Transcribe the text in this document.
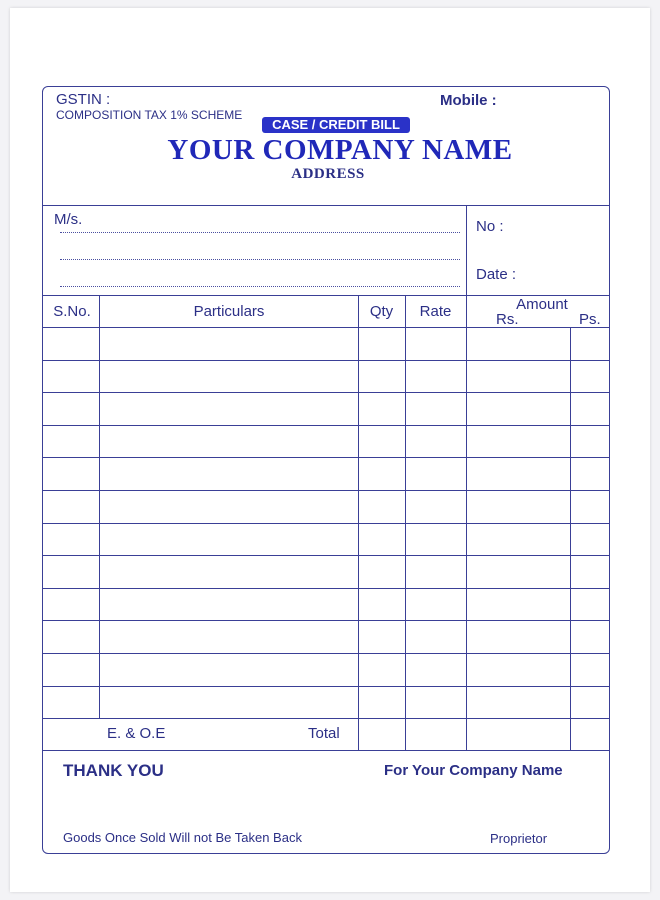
GSTIN :
COMPOSITION TAX 1% SCHEME
Mobile :
CASE / CREDIT BILL
YOUR COMPANY NAME
ADDRESS
M/s.	No :
Date :
S.No.	Particulars	Qty	Rate	Amount
Rs.	Ps.
E. & O.E	Total
THANK YOU	For Your Company Name
Goods Once Sold Will not Be Taken Back	Proprietor
